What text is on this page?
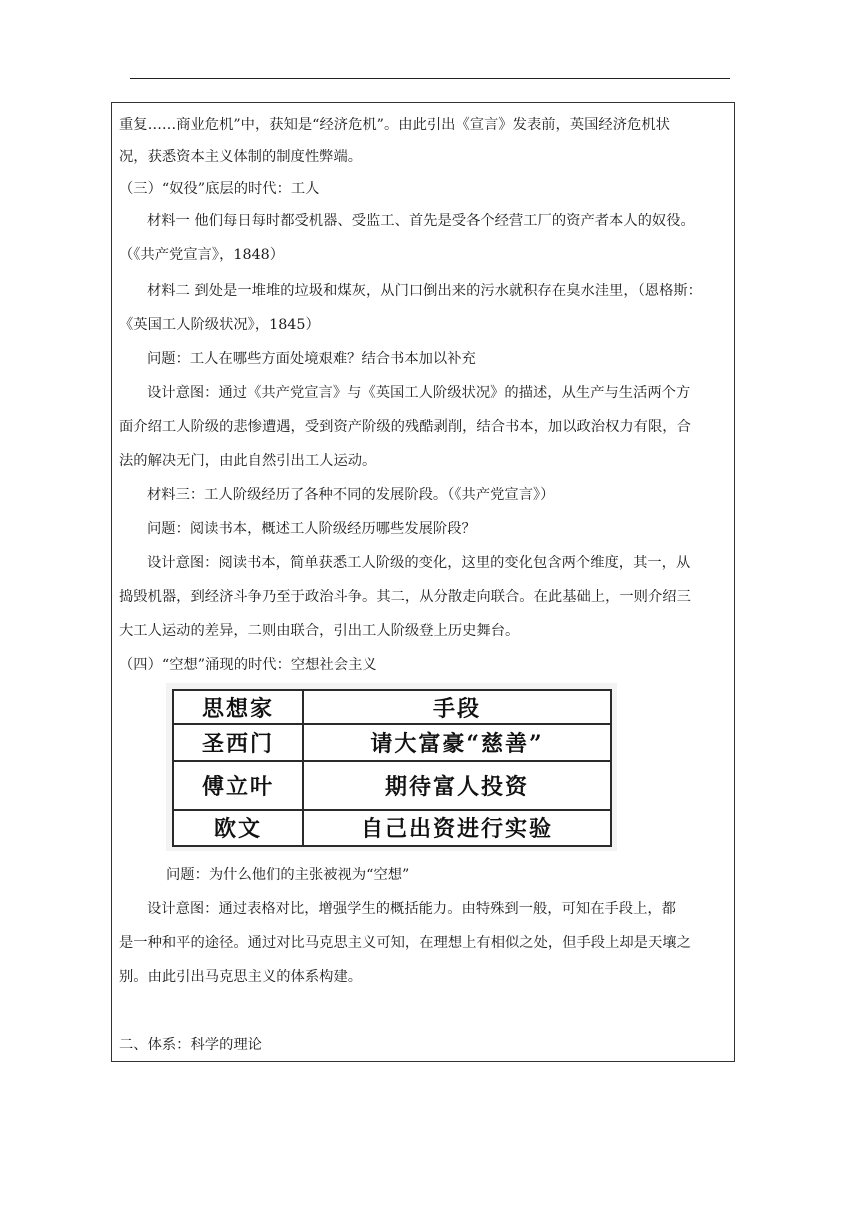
重复……商业危机”中，获知是“经济危机”。由此引出《宣言》发表前，英国经济危机状
况，获悉资本主义体制的制度性弊端。
（三）“奴役”底层的时代：工人
材料一 他们每日每时都受机器、受监工、首先是受各个经营工厂的资产者本人的奴役。
（《共产党宣言》，1848）
材料二 到处是一堆堆的垃圾和煤灰，从门口倒出来的污水就积存在臭水洼里，（恩格斯：
《英国工人阶级状况》，1845）
问题：工人在哪些方面处境艰难？结合书本加以补充
设计意图：通过《共产党宣言》与《英国工人阶级状况》的描述，从生产与生活两个方
面介绍工人阶级的悲惨遭遇，受到资产阶级的残酷剥削，结合书本，加以政治权力有限，合
法的解决无门，由此自然引出工人运动。
材料三：工人阶级经历了各种不同的发展阶段。（《共产党宣言》）
问题：阅读书本，概述工人阶级经历哪些发展阶段？
设计意图：阅读书本，简单获悉工人阶级的变化，这里的变化包含两个维度，其一，从
捣毁机器，到经济斗争乃至于政治斗争。其二，从分散走向联合。在此基础上，一则介绍三
大工人运动的差异，二则由联合，引出工人阶级登上历史舞台。
（四）“空想”涌现的时代：空想社会主义
思想家	手段
圣西门	请大富豪“慈善”
傅立叶	期待富人投资
欧文	自己出资进行实验
问题：为什么他们的主张被视为“空想”
设计意图：通过表格对比，增强学生的概括能力。由特殊到一般，可知在手段上，都
是一种和平的途径。通过对比马克思主义可知，在理想上有相似之处，但手段上却是天壤之
别。由此引出马克思主义的体系构建。
二、体系：科学的理论
